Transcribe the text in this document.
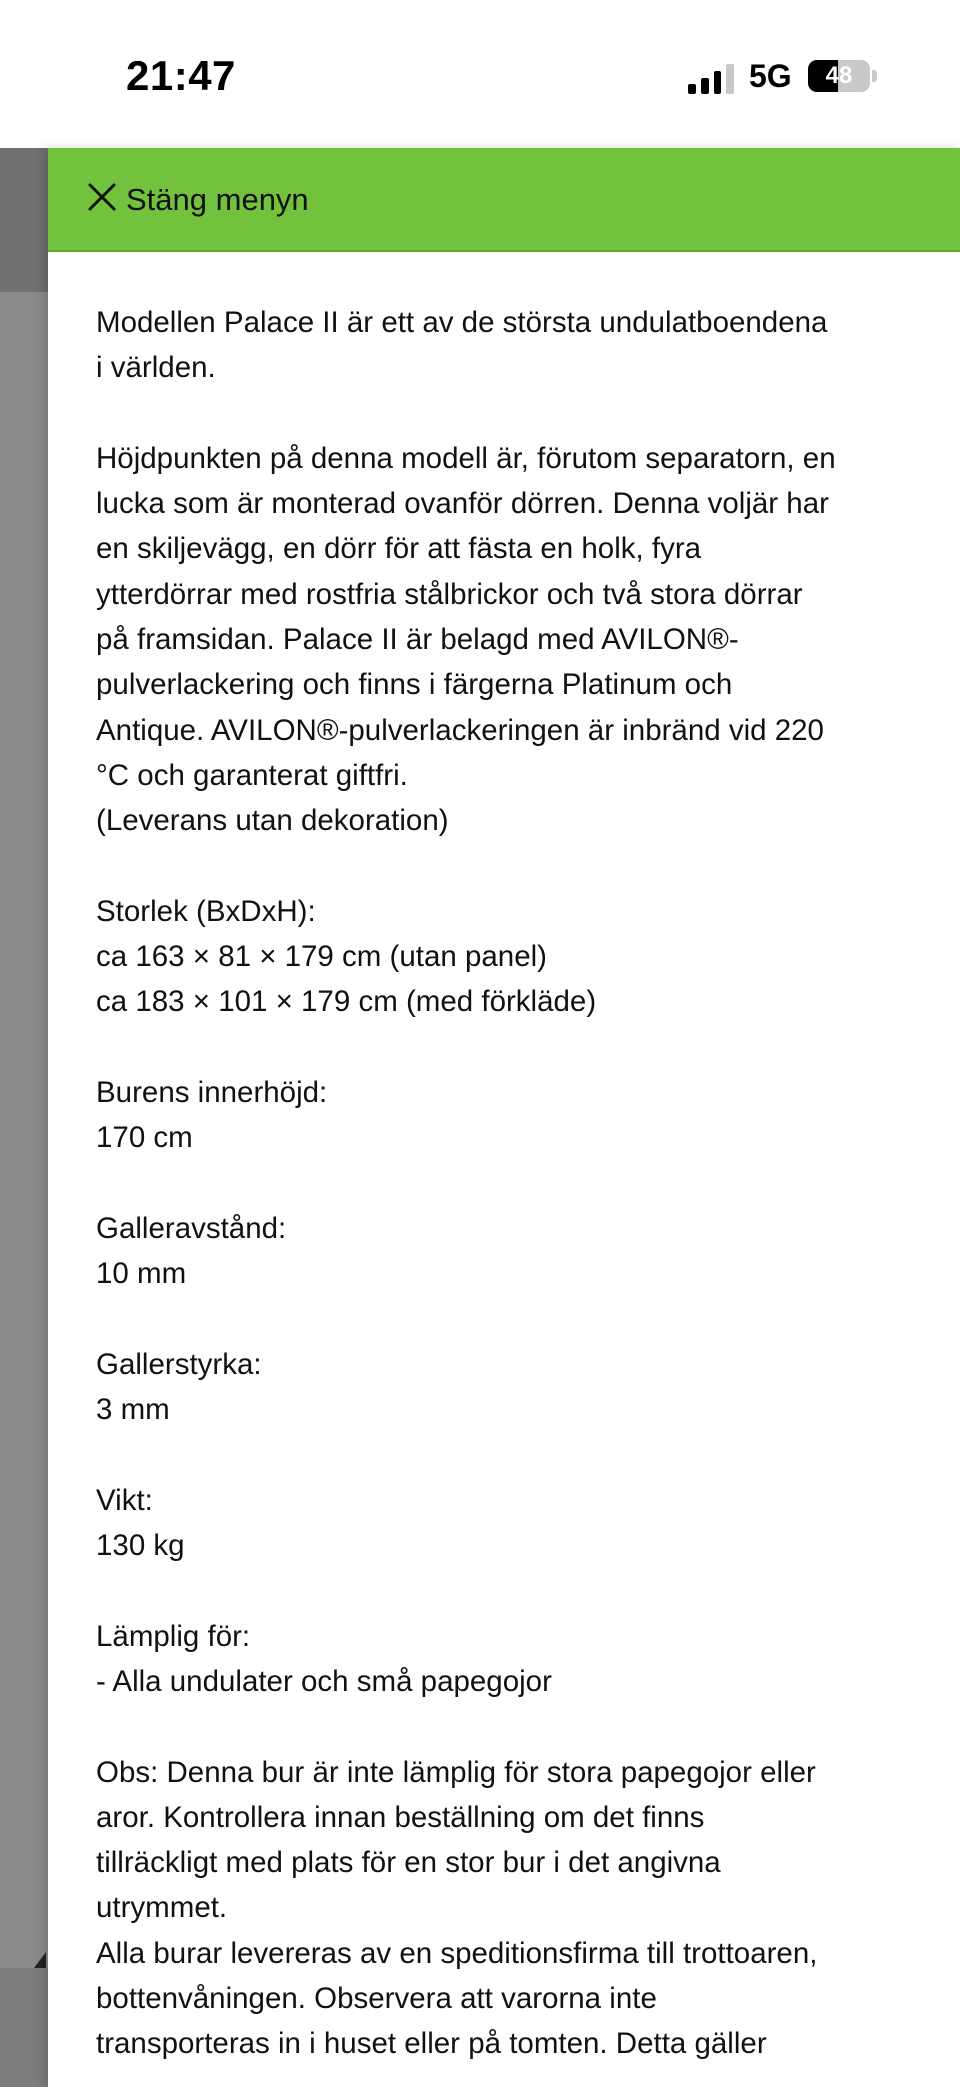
21:47	5G	48
Stäng menyn

Modellen Palace II är ett av de största undulatboendena

i världen.

Höjdpunkten på denna modell är, förutom separatorn, en

lucka som är monterad ovanför dörren. Denna voljär har

en skiljevägg, en dörr för att fästa en holk, fyra

ytterdörrar med rostfria stålbrickor och två stora dörrar

på framsidan. Palace II är belagd med AVILON®-

pulverlackering och finns i färgerna Platinum och

Antique. AVILON®-pulverlackeringen är inbränd vid 220

°C och garanterat giftfri.

(Leverans utan dekoration)

Storlek (BxDxH):

ca 163 × 81 × 179 cm (utan panel)

ca 183 × 101 × 179 cm (med förkläde)

Burens innerhöjd:

170 cm

Galleravstånd:

10 mm

Gallerstyrka:

3 mm

Vikt:

130 kg

Lämplig för:

- Alla undulater och små papegojor

Obs: Denna bur är inte lämplig för stora papegojor eller

aror. Kontrollera innan beställning om det finns

tillräckligt med plats för en stor bur i det angivna

utrymmet.

Alla burar levereras av en speditionsfirma till trottoaren,

bottenvåningen. Observera att varorna inte

transporteras in i huset eller på tomten. Detta gäller
